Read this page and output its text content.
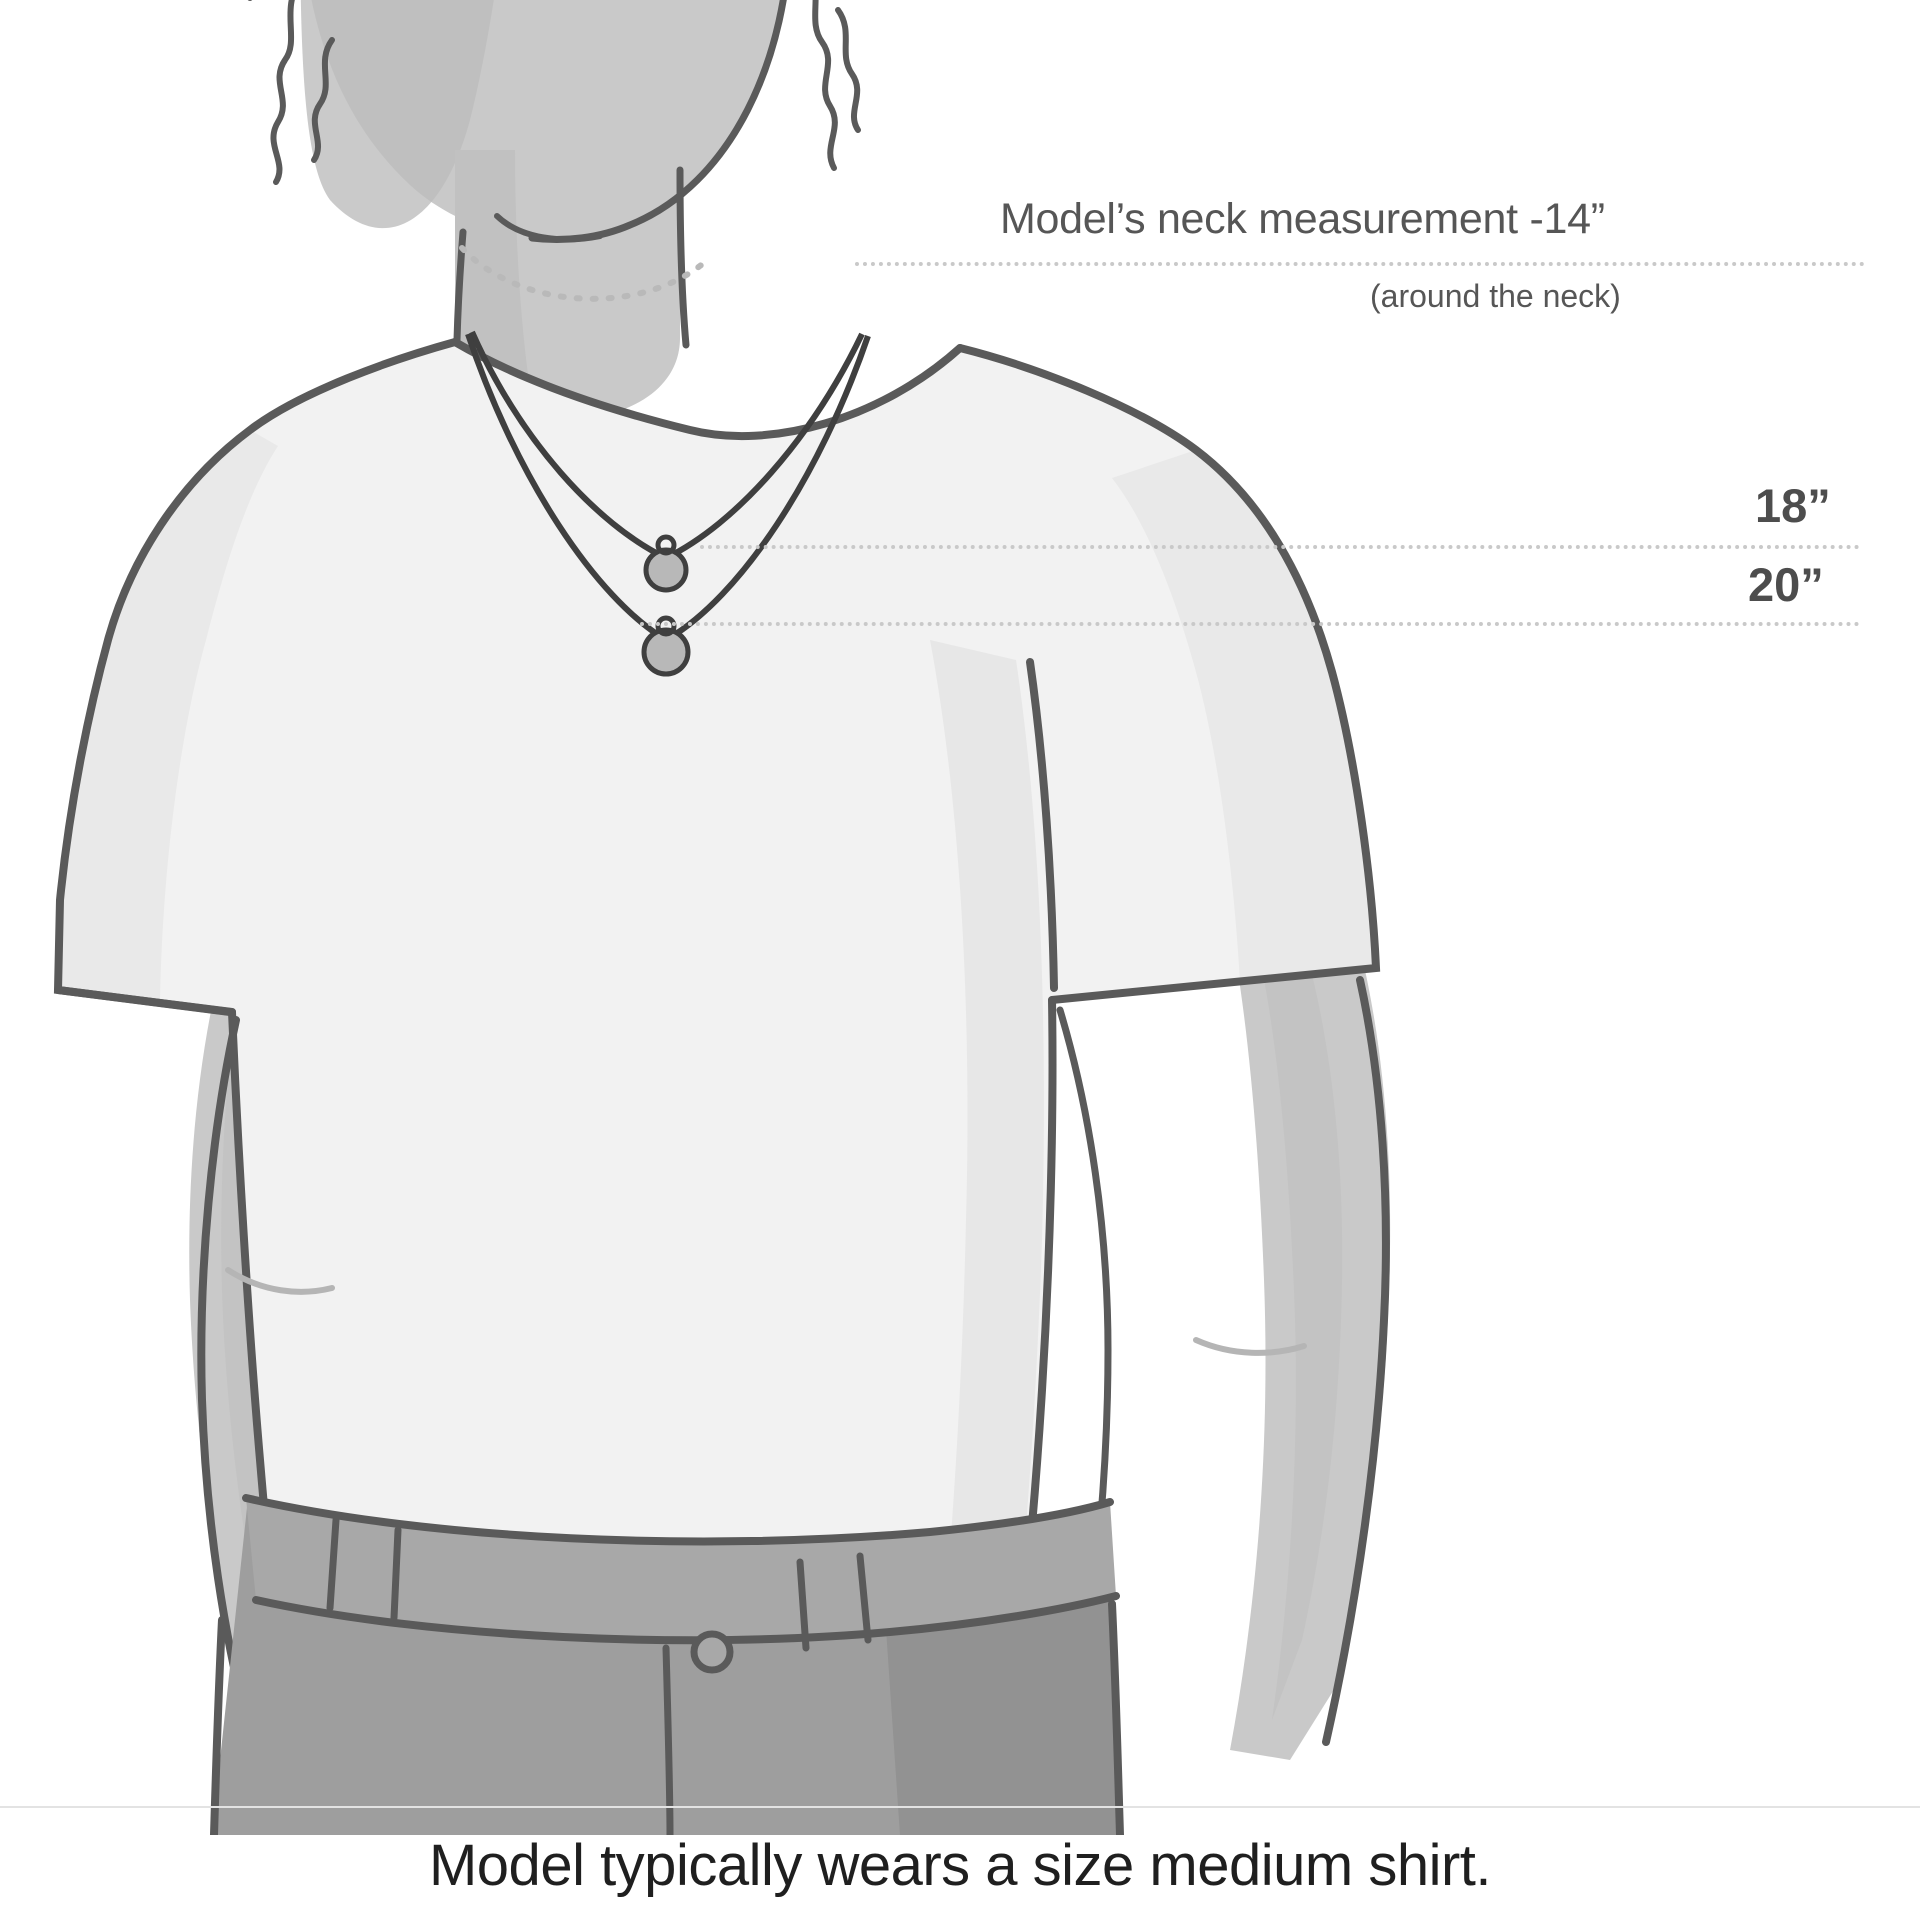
Model’s neck measurement -14”
(around the neck)
18”
20”
Model typically wears a size medium shirt.
